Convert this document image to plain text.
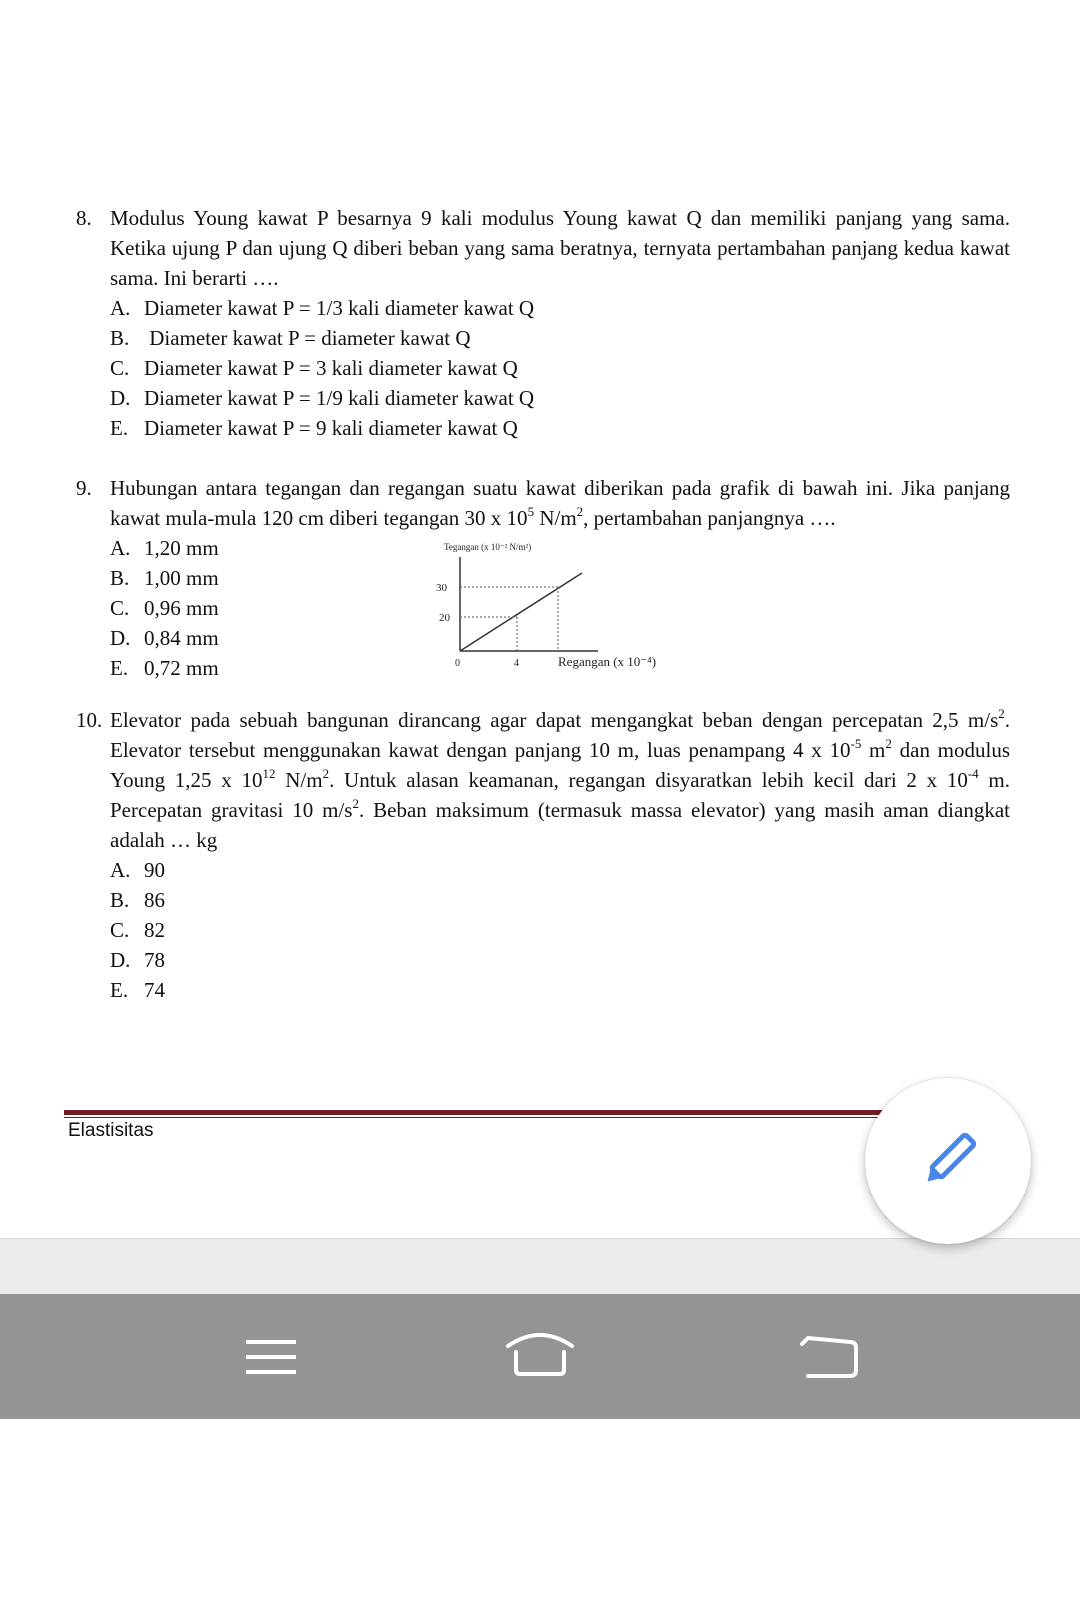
8. Modulus Young kawat P besarnya 9 kali modulus Young kawat Q dan memiliki panjang yang sama. Ketika ujung P dan ujung Q diberi beban yang sama beratnya, ternyata pertambahan panjang kedua kawat sama. Ini berarti ….
A. Diameter kawat P = 1/3 kali diameter kawat Q
B. Diameter kawat P = diameter kawat Q
C. Diameter kawat P = 3 kali diameter kawat Q
D. Diameter kawat P = 1/9 kali diameter kawat Q
E. Diameter kawat P = 9 kali diameter kawat Q
9. Hubungan antara tegangan dan regangan suatu kawat diberikan pada grafik di bawah ini. Jika panjang kawat mula-mula 120 cm diberi tegangan 30 x $10^5$ $N/m^2$, pertambahan panjangnya ….
A. 1,20 mm
B. 1,00 mm
C. 0,96 mm
D. 0,84 mm
E. 0,72 mm
Tegangan (x 10⁻² N/m²)
30
20
0	4	Regangan (x 10⁻⁴)
10. Elevator pada sebuah bangunan dirancang agar dapat mengangkat beban dengan percepatan 2,5 $m/s^2$. Elevator tersebut menggunakan kawat dengan panjang 10 m, luas penampang 4 x $10^{-5}$ $m^2$ dan modulus Young 1,25 x $10^{12}$ $N/m^2$. Untuk alasan keamanan, regangan disyaratkan lebih kecil dari 2 x $10^{-4}$ m. Percepatan gravitasi 10 $m/s^2$. Beban maksimum (termasuk massa elevator) yang masih aman diangkat adalah … kg
A. 90
B. 86
C. 82
D. 78
E. 74
Elastisitas
